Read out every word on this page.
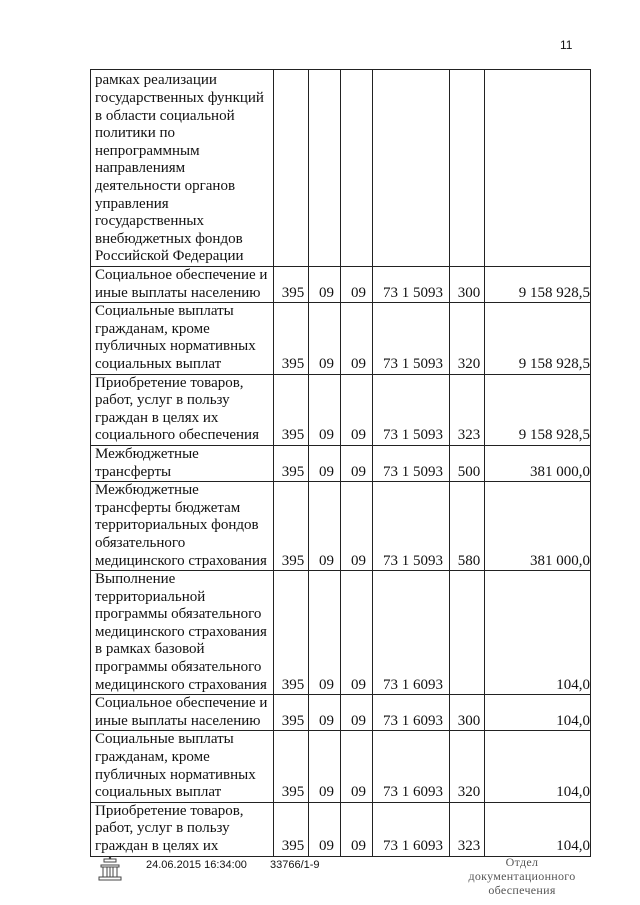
11
рамках реализации государственных функций в области социальной политики по непрограммным направлениям деятельности органов управления государственных внебюджетных фондов Российской Федерации						
Социальное обеспечение и иные выплаты населению	395	09	09	73 1 5093	300	9 158 928,5
Социальные выплаты гражданам, кроме публичных нормативных социальных выплат	395	09	09	73 1 5093	320	9 158 928,5
Приобретение товаров, работ, услуг в пользу граждан в целях их социального обеспечения	395	09	09	73 1 5093	323	9 158 928,5
Межбюджетные трансферты	395	09	09	73 1 5093	500	381 000,0
Межбюджетные трансферты бюджетам территориальных фондов обязательного медицинского страхования	395	09	09	73 1 5093	580	381 000,0
Выполнение территориальной программы обязательного медицинского страхования в рамках базовой программы обязательного медицинского страхования	395	09	09	73 1 6093		104,0
Социальное обеспечение и иные выплаты населению	395	09	09	73 1 6093	300	104,0
Социальные выплаты гражданам, кроме публичных нормативных социальных выплат	395	09	09	73 1 6093	320	104,0
Приобретение товаров, работ, услуг в пользу граждан в целях их	395	09	09	73 1 6093	323	104,0
24.06.2015 16:34:00 33766/1-9	Отдел документационного
обеспечения
